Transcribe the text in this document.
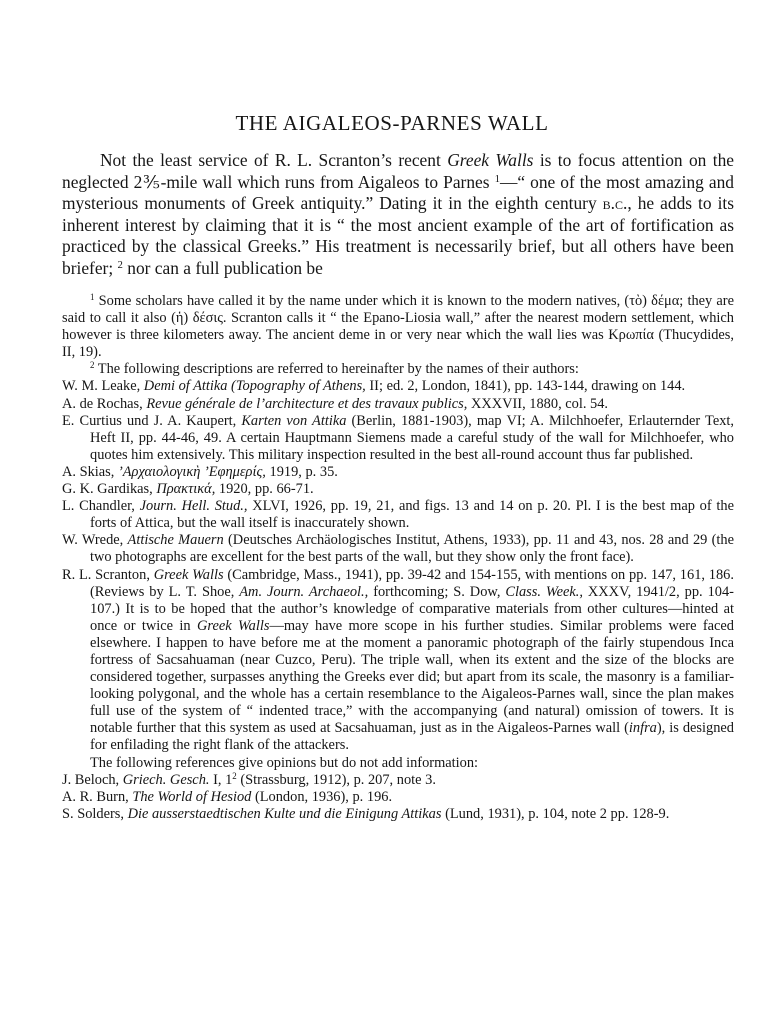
THE AIGALEOS-PARNES WALL

Not the least service of R. L. Scranton’s recent Greek Walls is to focus attention on the neglected 2⅗-mile wall which runs from Aigaleos to Parnes $^1$—“ one of the most amazing and mysterious monuments of Greek antiquity.” Dating it in the eighth century b.c., he adds to its inherent interest by claiming that it is “ the most ancient example of the art of fortification as practiced by the classical Greeks.” His treatment is necessarily brief, but all others have been briefer; $^2$ nor can a full publication be

$^1$ Some scholars have called it by the name under which it is known to the modern natives, (τὸ) δέμα; they are said to call it also (ἡ) δέσις. Scranton calls it “ the Epano-Liosia wall,” after the nearest modern settlement, which however is three kilometers away. The ancient deme in or very near which the wall lies was Κρωπία (Thucydides, II, 19).

$^2$ The following descriptions are referred to hereinafter by the names of their authors:

W. M. Leake, Demi of Attika (Topography of Athens, II; ed. 2, London, 1841), pp. 143-144, drawing on 144.

A. de Rochas, Revue générale de l’architecture et des travaux publics, XXXVII, 1880, col. 54.

E. Curtius und J. A. Kaupert, Karten von Attika (Berlin, 1881-1903), map VI; A. Milchhoefer, Erlauternder Text, Heft II, pp. 44-46, 49. A certain Hauptmann Siemens made a careful study of the wall for Milchhoefer, who quotes him extensively. This military inspection resulted in the best all-round account thus far published.

A. Skias, ’Αρχαιολογικὴ ’Εφημερίς, 1919, p. 35.

G. K. Gardikas, Πρακτικά, 1920, pp. 66-71.

L. Chandler, Journ. Hell. Stud., XLVI, 1926, pp. 19, 21, and figs. 13 and 14 on p. 20. Pl. I is the best map of the forts of Attica, but the wall itself is inaccurately shown.

W. Wrede, Attische Mauern (Deutsches Archäologisches Institut, Athens, 1933), pp. 11 and 43, nos. 28 and 29 (the two photographs are excellent for the best parts of the wall, but they show only the front face).

R. L. Scranton, Greek Walls (Cambridge, Mass., 1941), pp. 39-42 and 154-155, with mentions on pp. 147, 161, 186. (Reviews by L. T. Shoe, Am. Journ. Archaeol., forthcoming; S. Dow, Class. Week., XXXV, 1941/2, pp. 104-107.) It is to be hoped that the author’s knowledge of comparative materials from other cultures—hinted at once or twice in Greek Walls—may have more scope in his further studies. Similar problems were faced elsewhere. I happen to have before me at the moment a panoramic photograph of the fairly stupendous Inca fortress of Sacsahuaman (near Cuzco, Peru). The triple wall, when its extent and the size of the blocks are considered together, surpasses anything the Greeks ever did; but apart from its scale, the masonry is a familiar-looking polygonal, and the whole has a certain resemblance to the Aigaleos-Parnes wall, since the plan makes full use of the system of “ indented trace,” with the accompanying (and natural) omission of towers. It is notable further that this system as used at Sacsahuaman, just as in the Aigaleos-Parnes wall (infra), is designed for enfilading the right flank of the attackers.

The following references give opinions but do not add information:

J. Beloch, Griech. Gesch. I, $1^2$ (Strassburg, 1912), p. 207, note 3.

A. R. Burn, The World of Hesiod (London, 1936), p. 196.

S. Solders, Die ausserstaedtischen Kulte und die Einigung Attikas (Lund, 1931), p. 104, note 2 pp. 128-9.
